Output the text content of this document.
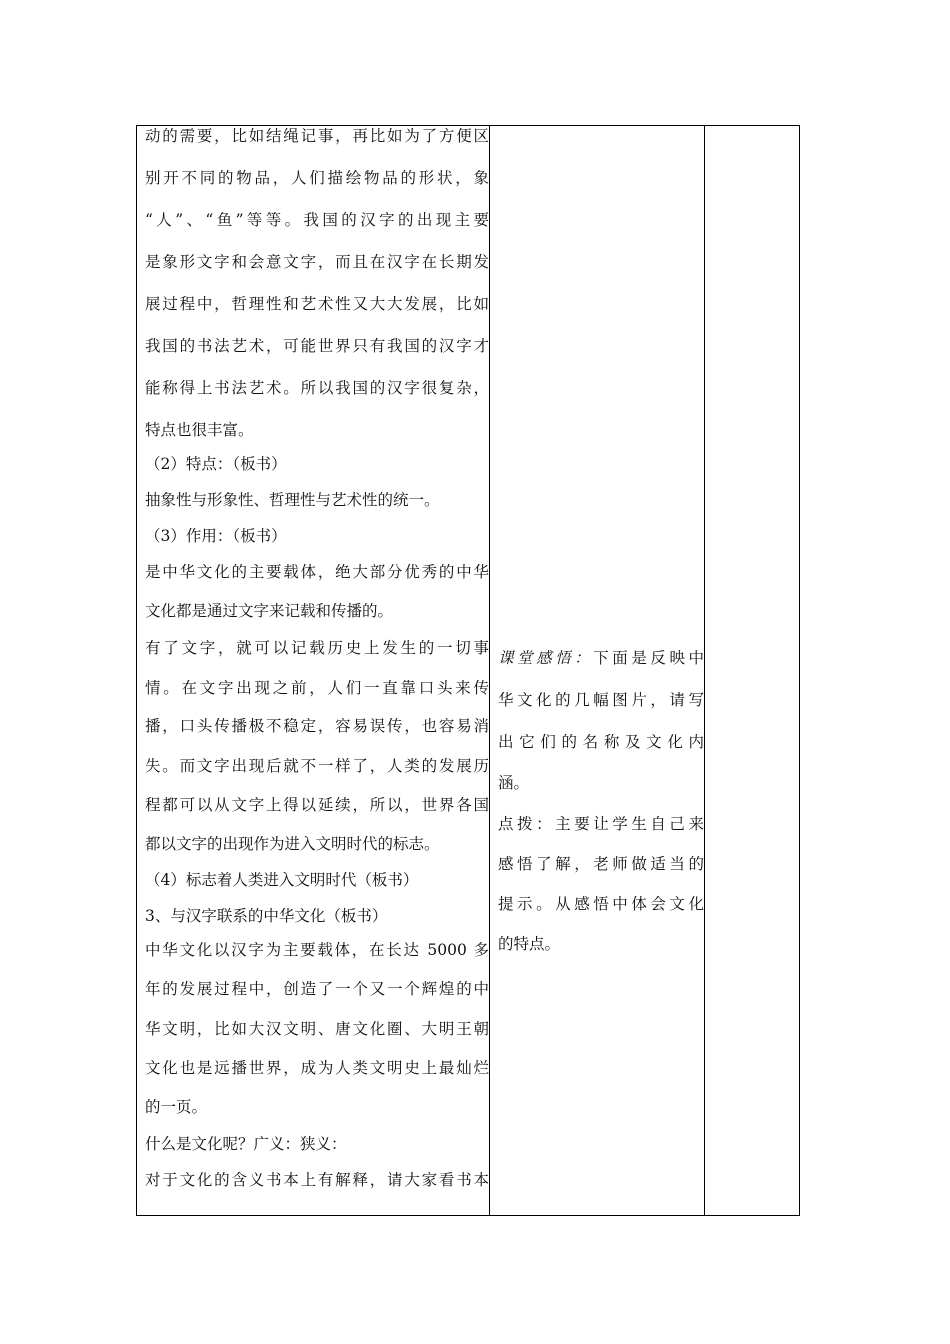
动的需要，比如结绳记事，再比如为了方便区
别开不同的物品，人们描绘物品的形状，象
“人”、“鱼”等等。我国的汉字的出现主要
是象形文字和会意文字，而且在汉字在长期发
展过程中，哲理性和艺术性又大大发展，比如
我国的书法艺术，可能世界只有我国的汉字才
能称得上书法艺术。所以我国的汉字很复杂，
特点也很丰富。
（2）特点：（板书）
抽象性与形象性、哲理性与艺术性的统一。
（3）作用：（板书）
是中华文化的主要载体，绝大部分优秀的中华
文化都是通过文字来记载和传播的。
有了文字，就可以记载历史上发生的一切事
情。在文字出现之前，人们一直靠口头来传
播，口头传播极不稳定，容易误传，也容易消
失。而文字出现后就不一样了，人类的发展历
程都可以从文字上得以延续，所以，世界各国
都以文字的出现作为进入文明时代的标志。
（4）标志着人类进入文明时代（板书）
3、与汉字联系的中华文化（板书）
中华文化以汉字为主要载体，在长达 5000 多
年的发展过程中，创造了一个又一个辉煌的中
华文明，比如大汉文明、唐文化圈、大明王朝
文化也是远播世界，成为人类文明史上最灿烂
的一页。
什么是文化呢？广义：狭义：
对于文化的含义书本上有解释，请大家看书本
课堂感悟：下面是反映中
华文化的几幅图片，请写
出它们的名称及文化内
涵。
点拨：主要让学生自己来
感悟了解，老师做适当的
提示。从感悟中体会文化
的特点。
